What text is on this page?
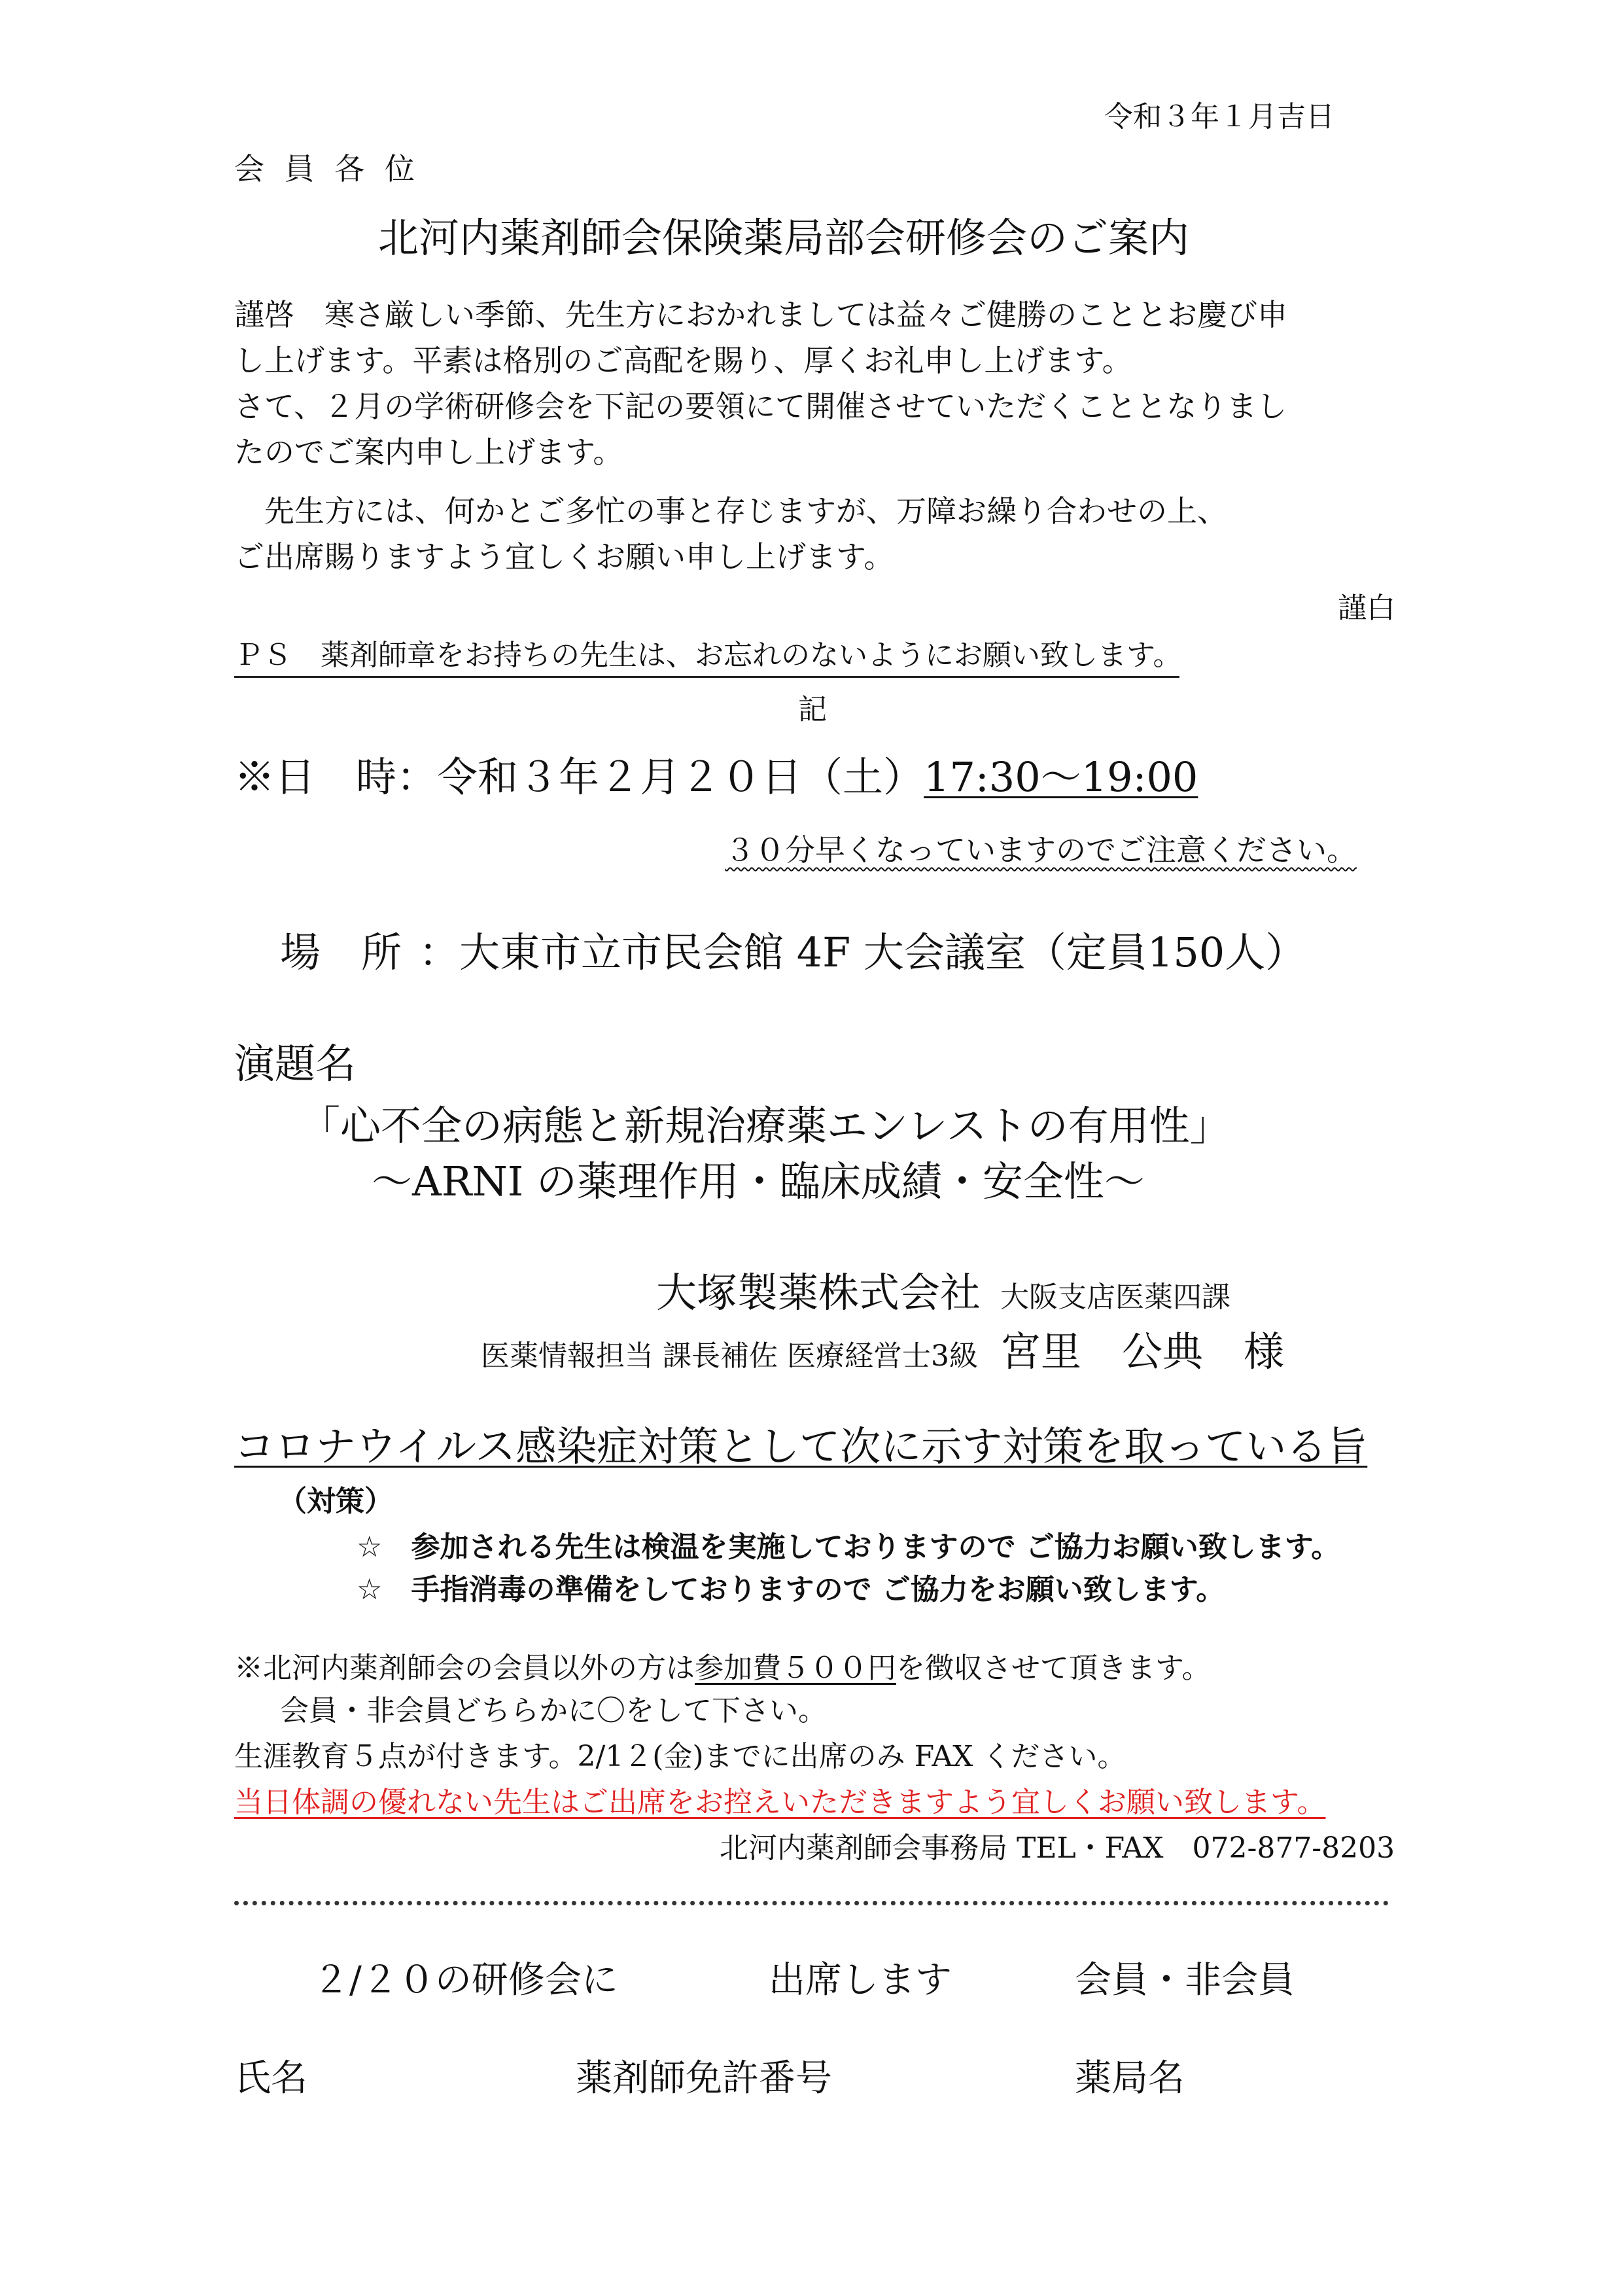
令和３年１月吉日
会 員 各 位
北河内薬剤師会保険薬局部会研修会のご案内
謹啓　寒さ厳しい季節、先生方におかれましては益々ご健勝のこととお慶び申
し上げます。平素は格別のご高配を賜り、厚くお礼申し上げます。
さて、２月の学術研修会を下記の要領にて開催させていただくこととなりまし
たのでご案内申し上げます。
　先生方には、何かとご多忙の事と存じますが、万障お繰り合わせの上、
ご出席賜りますよう宜しくお願い申し上げます。
謹白
ＰＳ　薬剤師章をお持ちの先生は、お忘れのないようにお願い致します。
記
※日　時：令和３年２月２０日（土）17:30～19:00
３０分早くなっていますのでご注意ください。
場　所 ：大東市立市民会館 4F 大会議室（定員150人）
演題名
「心不全の病態と新規治療薬エンレストの有用性」
～ARNI の薬理作用・臨床成績・安全性～
大塚製薬株式会社 大阪支店医薬四課
医薬情報担当 課長補佐 医療経営士3級 宮里　公典　様
コロナウイルス感染症対策として次に示す対策を取っている旨
（対策）
☆　参加される先生は検温を実施しておりますので ご協力お願い致します。
☆　手指消毒の準備をしておりますので ご協力をお願い致します。
※北河内薬剤師会の会員以外の方は参加費５００円を徴収させて頂きます。
会員・非会員どちらかに〇をして下さい。
生涯教育５点が付きます。2/1２(金)までに出席のみ FAX ください。
当日体調の優れない先生はご出席をお控えいただきますよう宜しくお願い致します。
北河内薬剤師会事務局 TEL・FAX　072-877-8203
２/２０の研修会に	出席します	会員・非会員
氏名	薬剤師免許番号	薬局名
